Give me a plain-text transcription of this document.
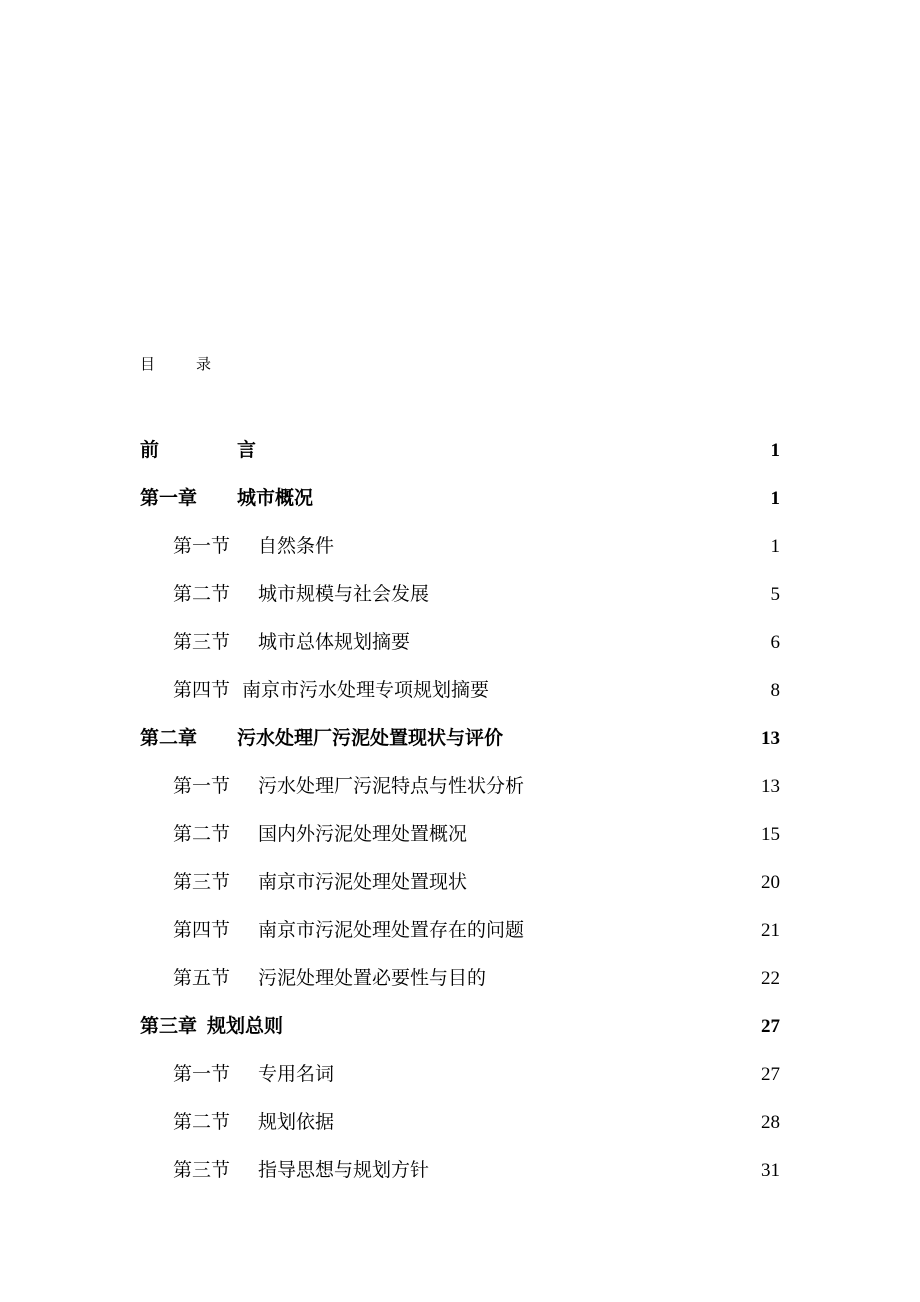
目	录
前	言	1
第一章 城市概况	1
第一节 自然条件	1
第二节 城市规模与社会发展	5
第三节 城市总体规划摘要	6
第四节 南京市污水处理专项规划摘要	8
第二章 污水处理厂污泥处置现状与评价	13
第一节 污水处理厂污泥特点与性状分析	13
第二节 国内外污泥处理处置概况	15
第三节 南京市污泥处理处置现状	20
第四节 南京市污泥处理处置存在的问题	21
第五节 污泥处理处置必要性与目的	22
第三章 规划总则	27
第一节 专用名词	27
第二节 规划依据	28
第三节 指导思想与规划方针	31
